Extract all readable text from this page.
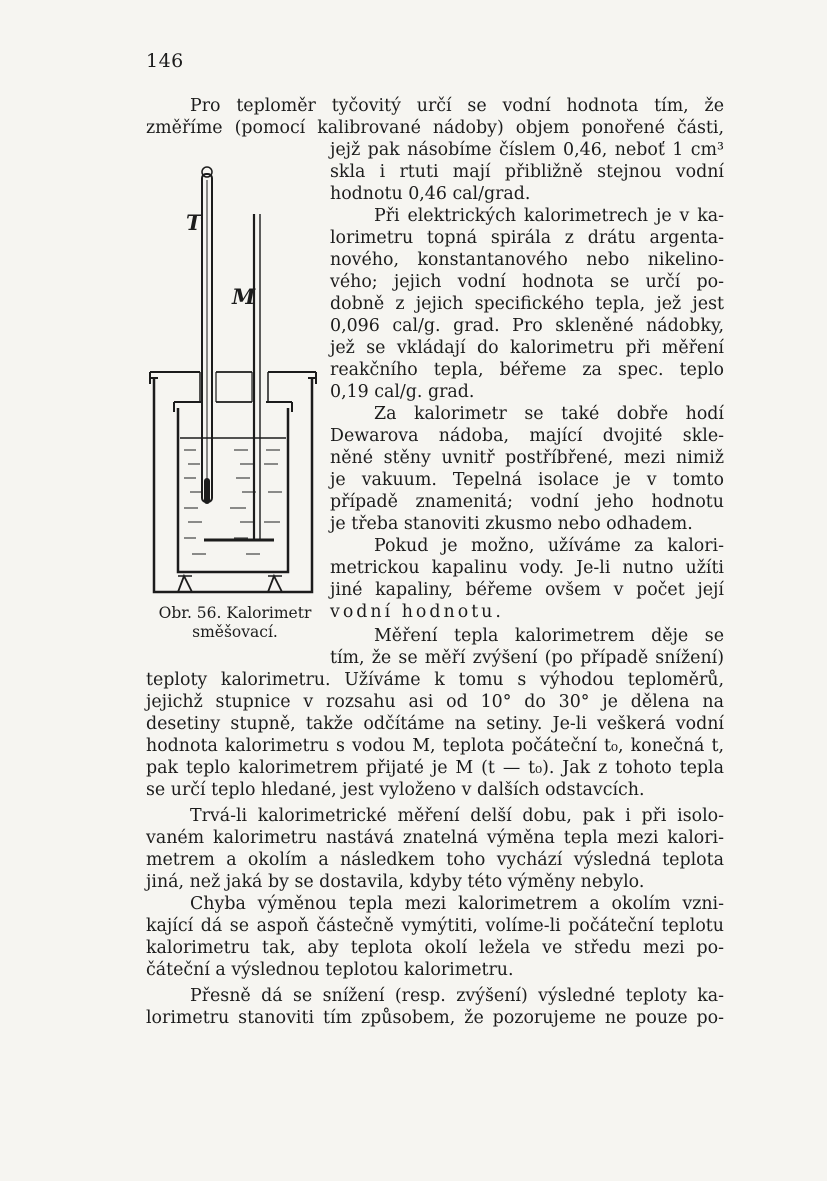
146
T
M
Obr. 56. Kalorimetr
směšovací.
Pro teploměr tyčovitý určí se vodní hodnota tím, že
změříme (pomocí kalibrované nádoby) objem ponořené části,
jejž pak násobíme číslem 0,46, neboť 1 cm³
skla i rtuti mají přibližně stejnou vodní
hodnotu 0,46 cal/grad.
Při elektrických kalorimetrech je v ka-
lorimetru topná spirála z drátu argenta-
nového, konstantanového nebo nikelino-
vého; jejich vodní hodnota se určí po-
dobně z jejich specifického tepla, jež jest
0,096 cal/g. grad. Pro skleněné nádobky,
jež se vkládají do kalorimetru při měření
reakčního tepla, béřeme za spec. teplo
0,19 cal/g. grad.
Za kalorimetr se také dobře hodí
Dewarova nádoba, mající dvojité skle-
něné stěny uvnitř postříbřené, mezi nimiž
je vakuum. Tepelná isolace je v tomto
případě znamenitá; vodní jeho hodnotu
je třeba stanoviti zkusmo nebo odhadem.
Pokud je možno, užíváme za kalori-
metrickou kapalinu vody. Je-li nutno užíti
jiné kapaliny, béřeme ovšem v počet její
vodní hodnotu.
Měření tepla kalorimetrem děje se
tím, že se měří zvýšení (po případě snížení)
teploty kalorimetru. Užíváme k tomu s výhodou teploměrů,
jejichž stupnice v rozsahu asi od 10° do 30° je dělena na
desetiny stupně, takže odčítáme na setiny. Je-li veškerá vodní
hodnota kalorimetru s vodou M, teplota počáteční t₀, konečná t,
pak teplo kalorimetrem přijaté je M (t — t₀). Jak z tohoto tepla
se určí teplo hledané, jest vyloženo v dalších odstavcích.
Trvá-li kalorimetrické měření delší dobu, pak i při isolo-
vaném kalorimetru nastává znatelná výměna tepla mezi kalori-
metrem a okolím a následkem toho vychází výsledná teplota
jiná, než jaká by se dostavila, kdyby této výměny nebylo.
Chyba výměnou tepla mezi kalorimetrem a okolím vzni-
kající dá se aspoň částečně vymýtiti, volíme-li počáteční teplotu
kalorimetru tak, aby teplota okolí ležela ve středu mezi po-
čáteční a výslednou teplotou kalorimetru.
Přesně dá se snížení (resp. zvýšení) výsledné teploty ka-
lorimetru stanoviti tím způsobem, že pozorujeme ne pouze po-
